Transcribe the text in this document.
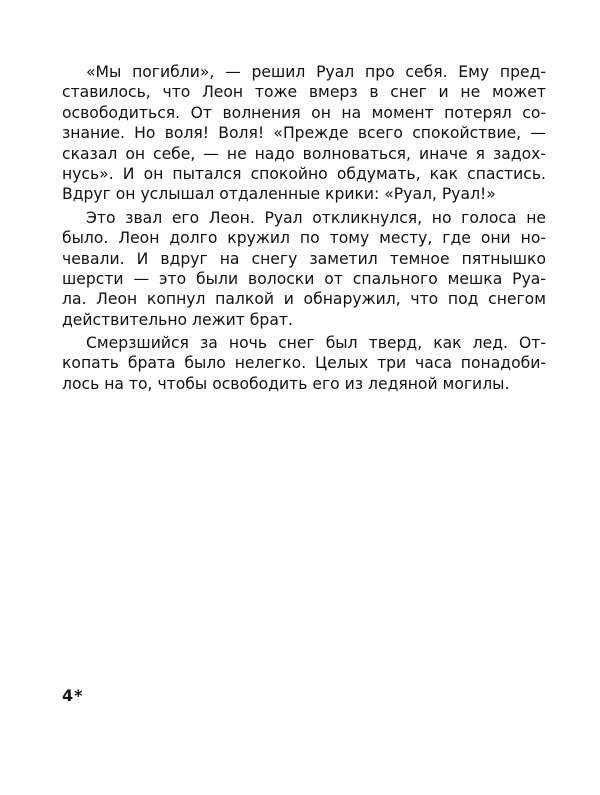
«Мы погибли», — решил Руал про себя. Ему пред-
ставилось, что Леон тоже вмерз в снег и не может
освободиться. От волнения он на момент потерял со-
знание. Но воля! Воля! «Прежде всего спокойствие, —
сказал он себе, — не надо волноваться, иначе я задох-
нусь». И он пытался спокойно обдумать, как спастись.
Вдруг он услышал отдаленные крики: «Руал, Руал!»
Это звал его Леон. Руал откликнулся, но голоса не
было. Леон долго кружил по тому месту, где они но-
чевали. И вдруг на снегу заметил темное пятнышко
шерсти — это были волоски от спального мешка Руа-
ла. Леон копнул палкой и обнаружил, что под снегом
действительно лежит брат.
Смерзшийся за ночь снег был тверд, как лед. От-
копать брата было нелегко. Целых три часа понадоби-
лось на то, чтобы освободить его из ледяной могилы.
4*
